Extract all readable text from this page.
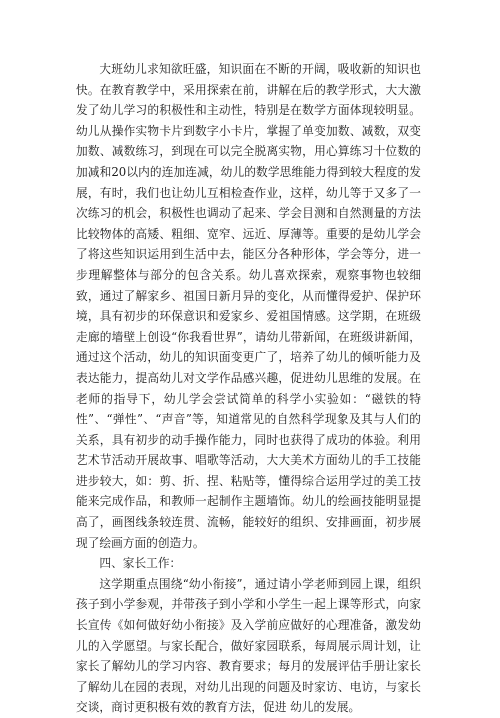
大班幼儿求知欲旺盛，知识面在不断的开阔，吸收新的知识也快。在教育教学中，采用探索在前，讲解在后的教学形式，大大激发了幼儿学习的积极性和主动性，特别是在数学方面体现较明显。幼儿从操作实物卡片到数字小卡片，掌握了单变加数、减数，双变加数、减数练习，到现在可以完全脱离实物，用心算练习十位数的加减和20以内的连加连减，幼儿的数学思维能力得到较大程度的发展，有时，我们也让幼儿互相检查作业，这样，幼儿等于又多了一次练习的机会，积极性也调动了起来、学会目测和自然测量的方法比较物体的高矮、粗细、宽窄、远近、厚薄等。重要的是幼儿学会了将这些知识运用到生活中去，能区分各种形体，学会等分，进一步理解整体与部分的包含关系。幼儿喜欢探索，观察事物也较细致，通过了解家乡、祖国日新月异的变化，从而懂得爱护、保护环境，具有初步的环保意识和爱家乡、爱祖国情感。这学期，在班级走廊的墙壁上创设“你我看世界”，请幼儿带新闻，在班级讲新闻，通过这个活动，幼儿的知识面变更广了，培养了幼儿的倾听能力及表达能力，提高幼儿对文学作品感兴趣，促进幼儿思维的发展。在老师的指导下，幼儿学会尝试简单的科学小实验如：“磁铁的特性”、“弹性”、“声音”等，知道常见的自然科学现象及其与人们的关系，具有初步的动手操作能力，同时也获得了成功的体验。利用艺术节活动开展故事、唱歌等活动，大大美术方面幼儿的手工技能进步较大，如：剪、折、捏、粘贴等，懂得综合运用学过的美工技能来完成作品，和教师一起制作主题墙饰。幼儿的绘画技能明显提高了，画图线条较连贯、流畅，能较好的组织、安排画面，初步展现了绘画方面的创造力。

四、家长工作：

这学期重点围绕“幼小衔接”，通过请小学老师到园上课，组织孩子到小学参观，并带孩子到小学和小学生一起上课等形式，向家长宣传《如何做好幼小衔接》及入学前应做好的心理准备，激发幼儿的入学愿望。与家长配合，做好家园联系，每周展示周计划，让家长了解幼儿的学习内容、教育要求；每月的发展评估手册让家长了解幼儿在园的表现，对幼儿出现的问题及时家访、电访，与家长交谈，商讨更积极有效的教育方法，促进 幼儿的发展。
